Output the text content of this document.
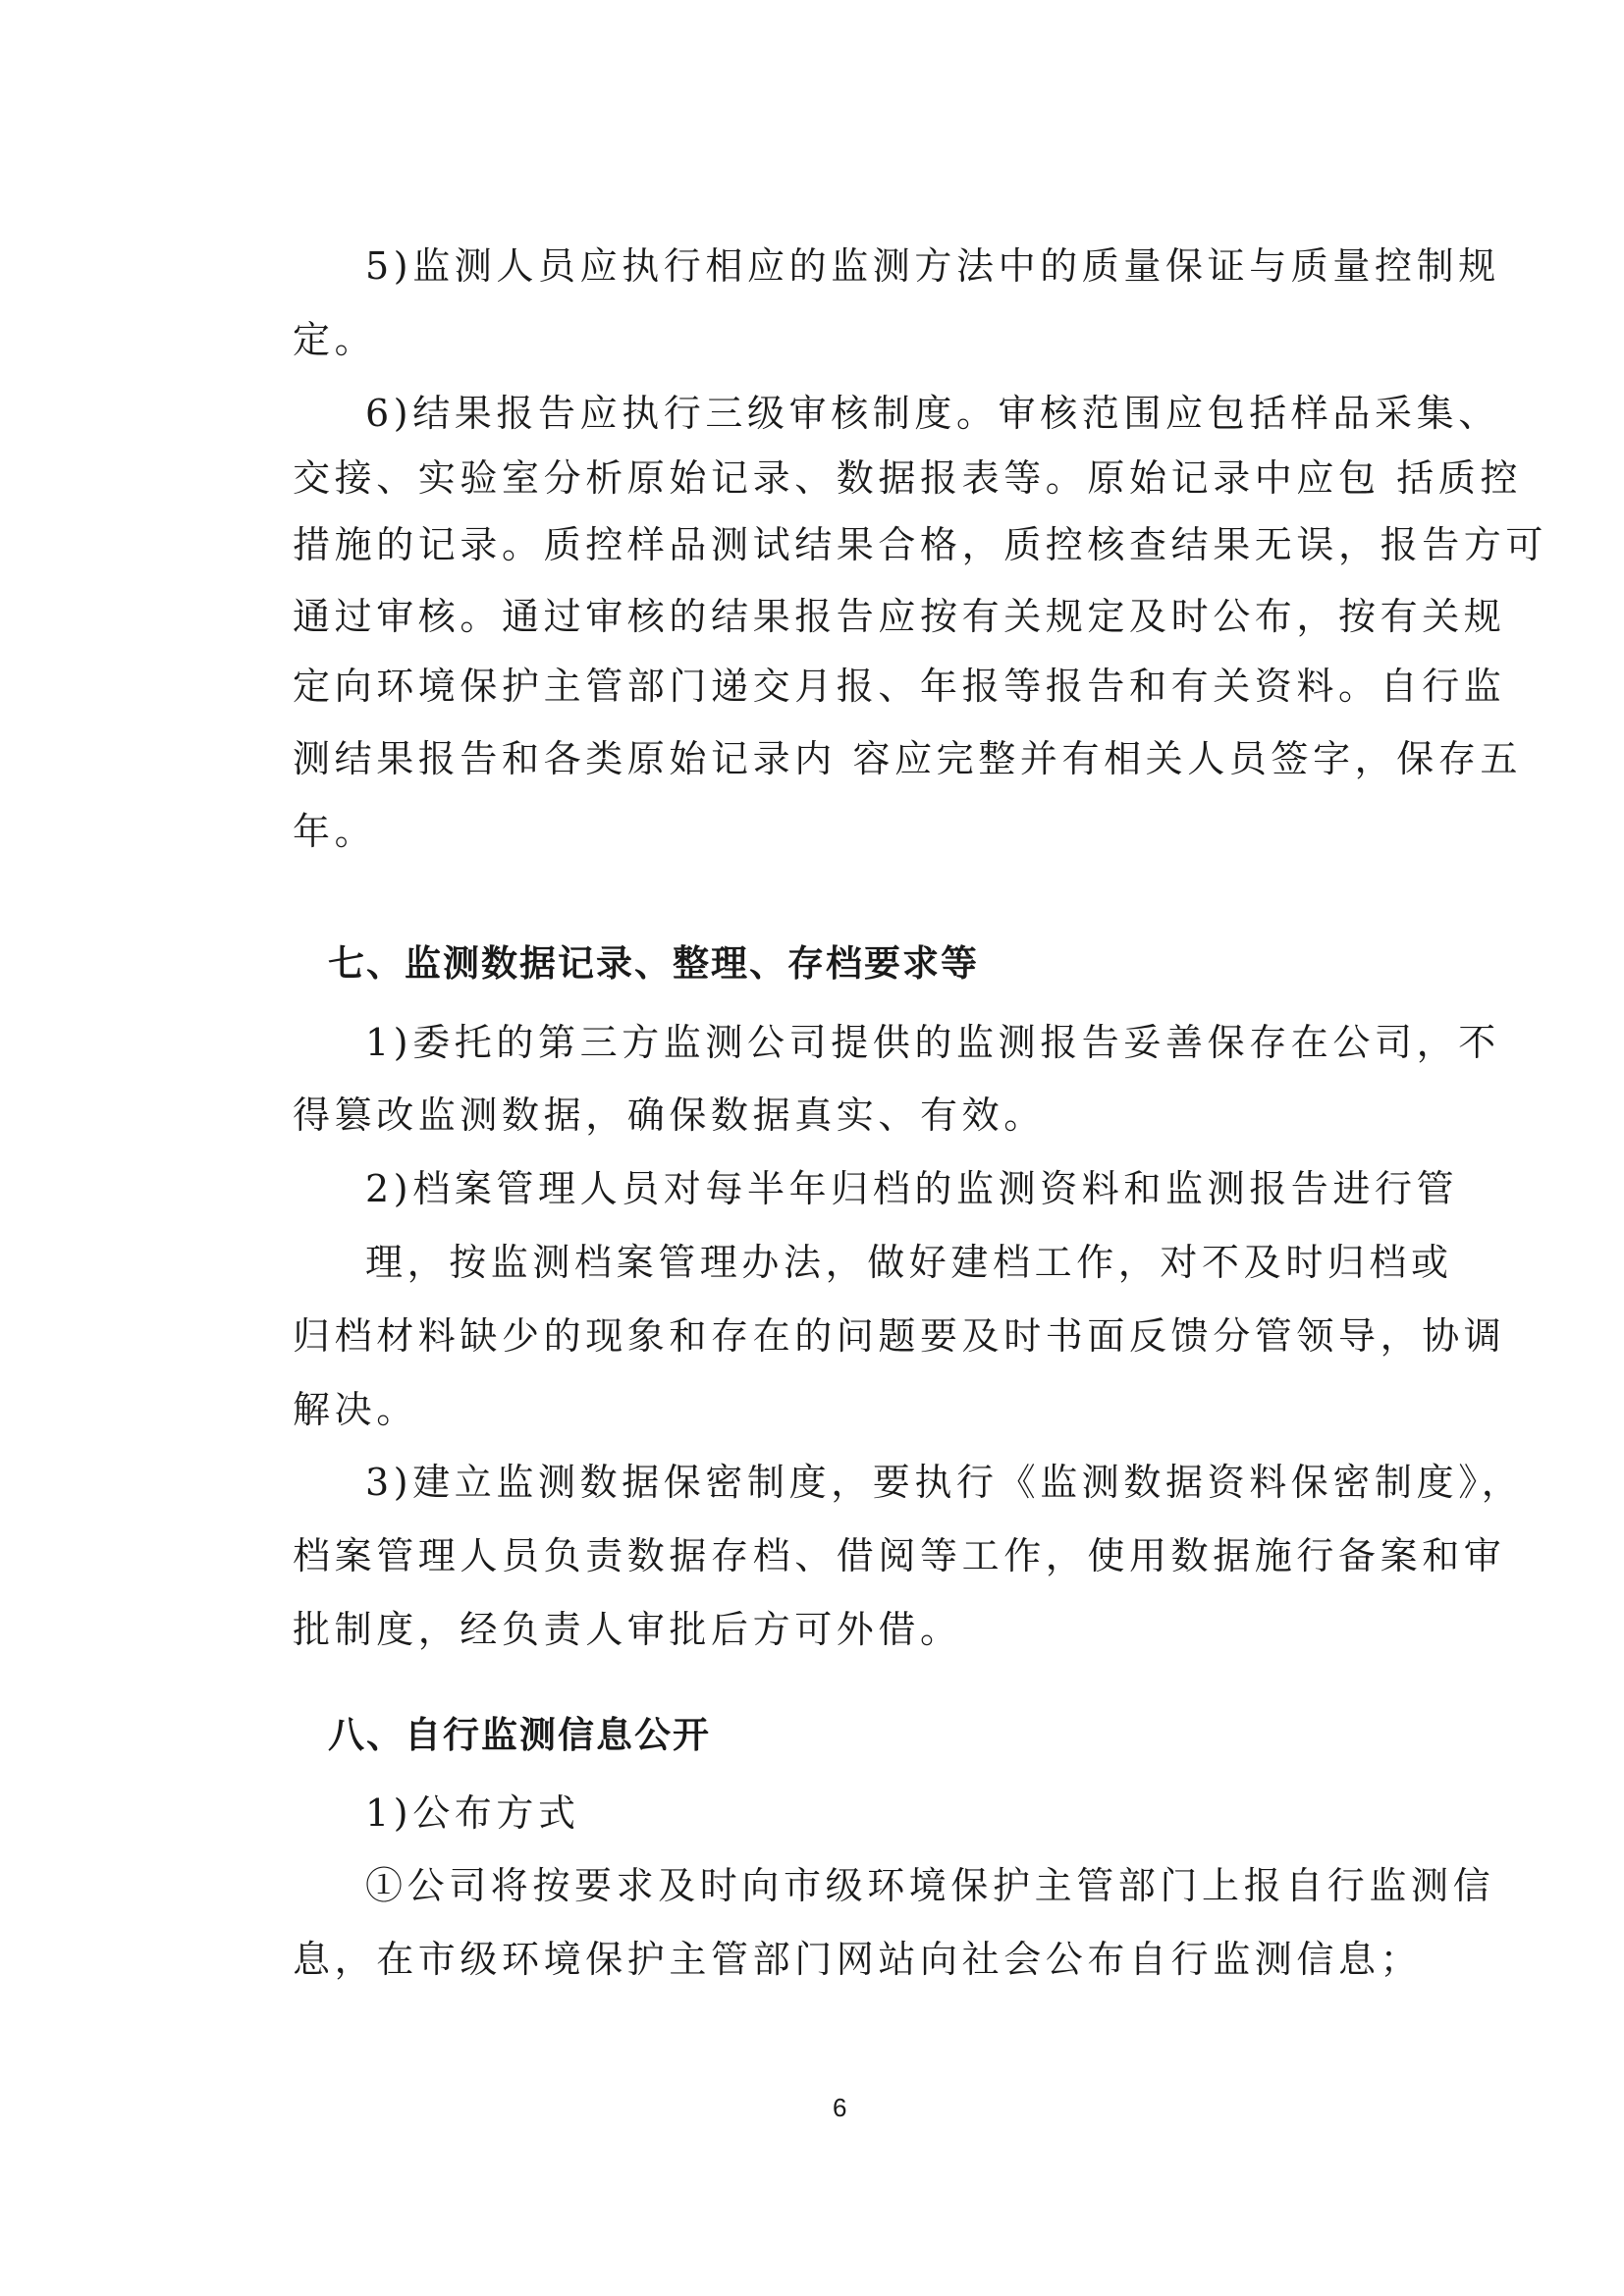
5)监测人员应执行相应的监测方法中的质量保证与质量控制规
定。
6)结果报告应执行三级审核制度。审核范围应包括样品采集、
交接、实验室分析原始记录、数据报表等。原始记录中应包 括质控
措施的记录。质控样品测试结果合格，质控核查结果无误，报告方可
通过审核。通过审核的结果报告应按有关规定及时公布，按有关规
定向环境保护主管部门递交月报、年报等报告和有关资料。自行监
测结果报告和各类原始记录内 容应完整并有相关人员签字，保存五
年。
七、监测数据记录、整理、存档要求等
1)委托的第三方监测公司提供的监测报告妥善保存在公司，不
得篡改监测数据，确保数据真实、有效。
2)档案管理人员对每半年归档的监测资料和监测报告进行管
理，按监测档案管理办法，做好建档工作，对不及时归档或
归档材料缺少的现象和存在的问题要及时书面反馈分管领导，协调
解决。
3)建立监测数据保密制度，要执行《监测数据资料保密制度》，
档案管理人员负责数据存档、借阅等工作，使用数据施行备案和审
批制度，经负责人审批后方可外借。
八、自行监测信息公开
1)公布方式
①公司将按要求及时向市级环境保护主管部门上报自行监测信
息，在市级环境保护主管部门网站向社会公布自行监测信息；
6
